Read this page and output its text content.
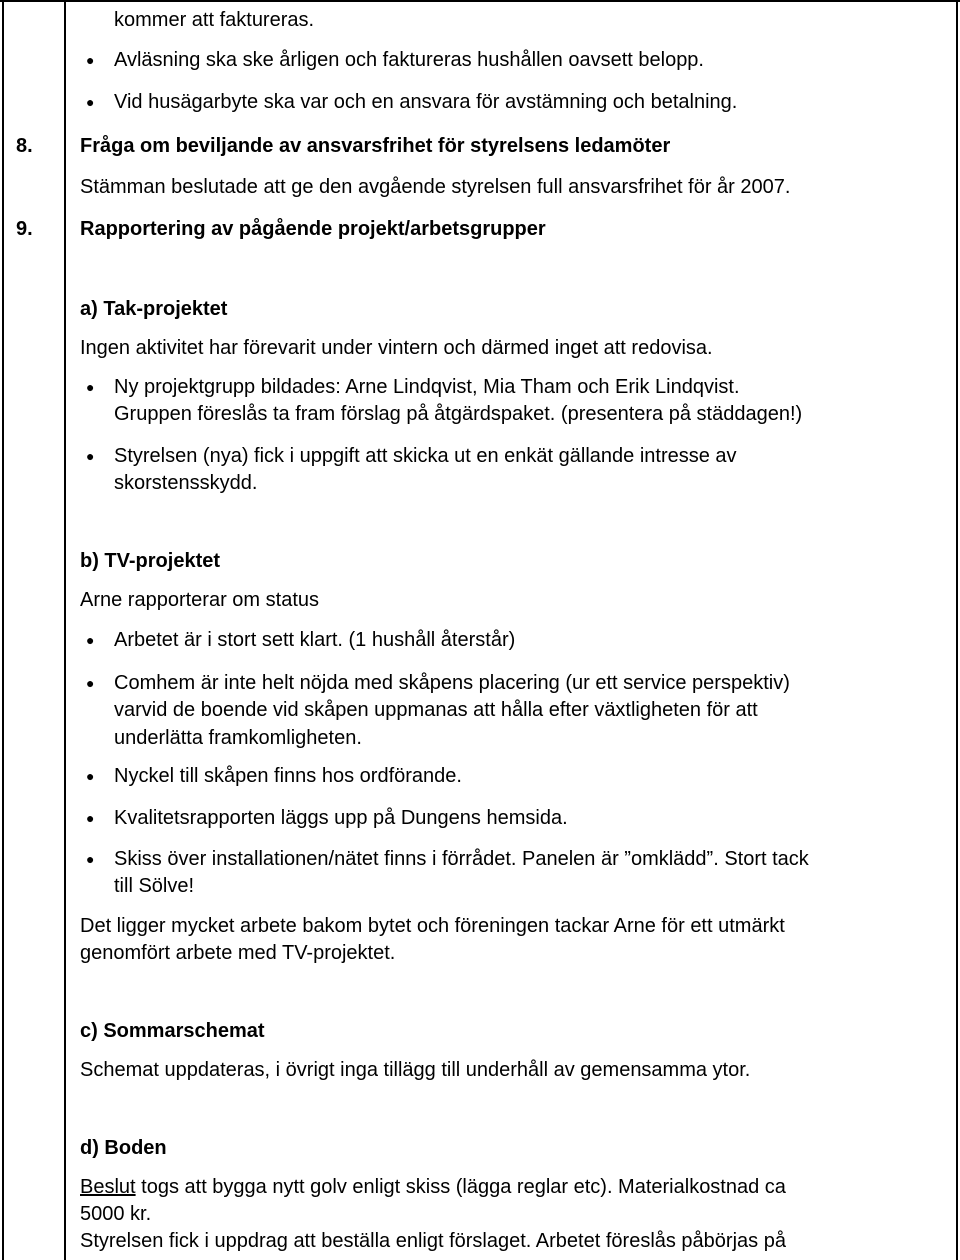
kommer att faktureras.
● Avläsning ska ske årligen och faktureras hushållen oavsett belopp.
● Vid husägarbyte ska var och en ansvara för avstämning och betalning.
8. Fråga om beviljande av ansvarsfrihet för styrelsens ledamöter
Stämman beslutade att ge den avgående styrelsen full ansvarsfrihet för år 2007.
9. Rapportering av pågående projekt/arbetsgrupper
a) Tak-projektet
Ingen aktivitet har förevarit under vintern och därmed inget att redovisa.
● Ny projektgrupp bildades: Arne Lindqvist, Mia Tham och Erik Lindqvist.
Gruppen föreslås ta fram förslag på åtgärdspaket. (presentera på städdagen!)
● Styrelsen (nya) fick i uppgift att skicka ut en enkät gällande intresse av
skorstensskydd.
b) TV-projektet
Arne rapporterar om status
● Arbetet är i stort sett klart. (1 hushåll återstår)
● Comhem är inte helt nöjda med skåpens placering (ur ett service perspektiv)
varvid de boende vid skåpen uppmanas att hålla efter växtligheten för att
underlätta framkomligheten.
● Nyckel till skåpen finns hos ordförande.
● Kvalitetsrapporten läggs upp på Dungens hemsida.
● Skiss över installationen/nätet finns i förrådet. Panelen är ”omklädd”. Stort tack
till Sölve!
Det ligger mycket arbete bakom bytet och föreningen tackar Arne för ett utmärkt
genomfört arbete med TV-projektet.
c) Sommarschemat
Schemat uppdateras, i övrigt inga tillägg till underhåll av gemensamma ytor.
d) Boden
Beslut togs att bygga nytt golv enligt skiss (lägga reglar etc). Materialkostnad ca
5000 kr.
Styrelsen fick i uppdrag att beställa enligt förslaget. Arbetet föreslås påbörjas på
